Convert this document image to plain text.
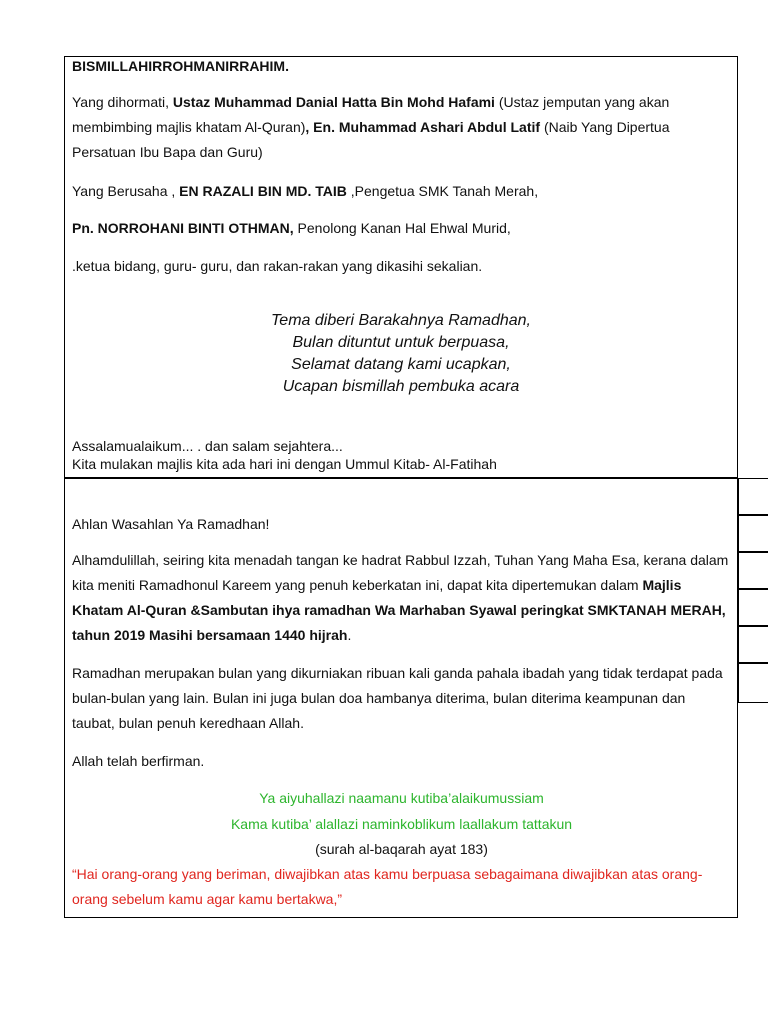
BISMILLAHIRROHMANIRRAHIM.

Yang dihormati, Ustaz Muhammad Danial Hatta Bin Mohd Hafami (Ustaz jemputan yang akan membimbing majlis khatam Al-Quran), En. Muhammad Ashari Abdul Latif (Naib Yang Dipertua Persatuan Ibu Bapa dan Guru)

Yang Berusaha , EN RAZALI BIN MD. TAIB ,Pengetua SMK Tanah Merah,

Pn. NORROHANI BINTI OTHMAN, Penolong Kanan Hal Ehwal Murid,

.ketua bidang, guru- guru, dan rakan-rakan yang dikasihi sekalian.

Tema diberi Barakahnya Ramadhan,
Bulan dituntut untuk berpuasa,
Selamat datang kami ucapkan,
Ucapan bismillah pembuka acara
Assalamualaikum... . dan salam sejahtera...
Kita mulakan majlis kita ada hari ini dengan Ummul Kitab- Al-Fatihah

Ahlan Wasahlan Ya Ramadhan!

Alhamdulillah, seiring kita menadah tangan ke hadrat Rabbul Izzah, Tuhan Yang Maha Esa, kerana dalam kita meniti Ramadhonul Kareem yang penuh keberkatan ini, dapat kita dipertemukan dalam Majlis Khatam Al-Quran &Sambutan ihya ramadhan Wa Marhaban Syawal peringkat SMKTANAH MERAH, tahun 2019 Masihi bersamaan 1440 hijrah.

Ramadhan merupakan bulan yang dikurniakan ribuan kali ganda pahala ibadah yang tidak terdapat pada bulan-bulan yang lain. Bulan ini juga bulan doa hambanya diterima, bulan diterima keampunan dan taubat, bulan penuh keredhaan Allah.

Allah telah berfirman.

Ya aiyuhallazi naamanu kutiba’alaikumussiam

Kama kutiba’ alallazi naminkoblikum laallakum tattakun

(surah al-baqarah ayat 183)

“Hai orang-orang yang beriman, diwajibkan atas kamu berpuasa sebagaimana diwajibkan atas orang-orang sebelum kamu agar kamu bertakwa,”
